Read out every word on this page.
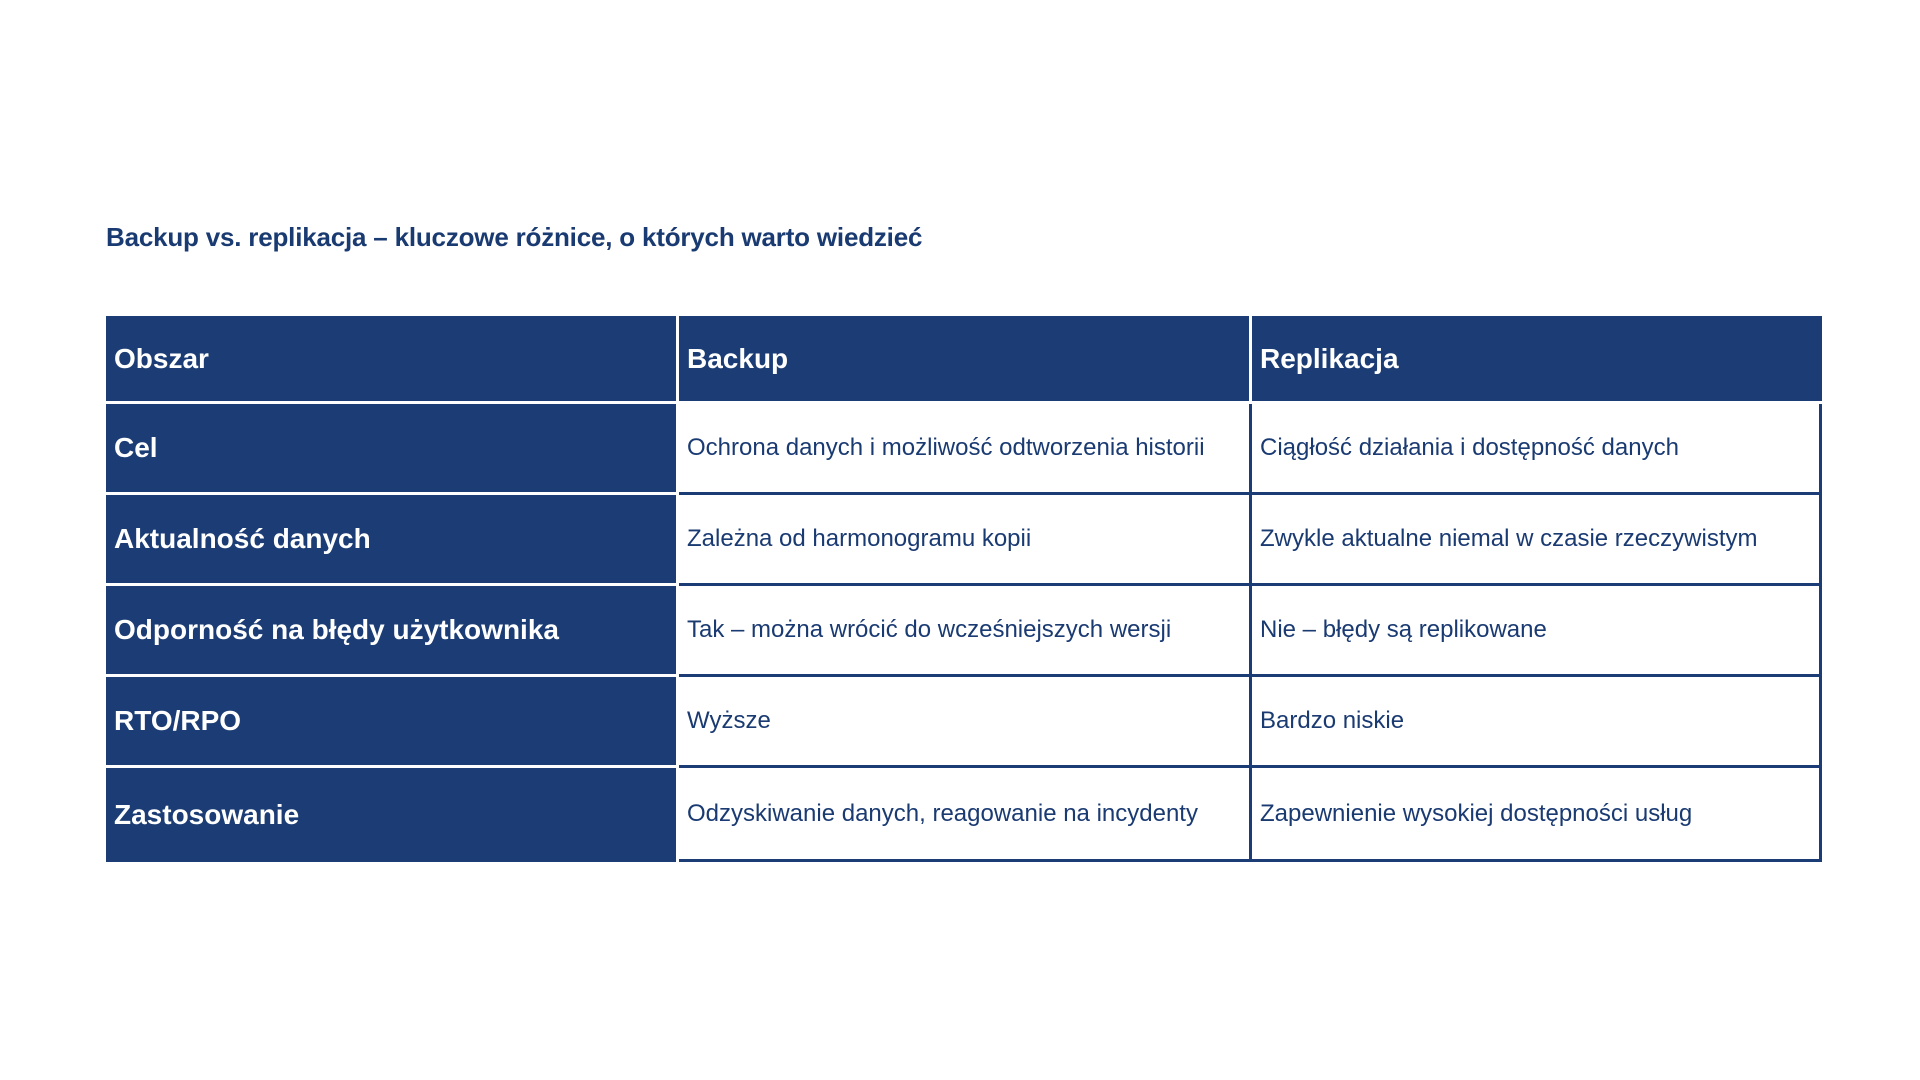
Backup vs. replikacja – kluczowe różnice, o których warto wiedzieć
Obszar	Backup	Replikacja
Cel	Ochrona danych i możliwość odtworzenia historii	Ciągłość działania i dostępność danych
Aktualność danych	Zależna od harmonogramu kopii	Zwykle aktualne niemal w czasie rzeczywistym
Odporność na błędy użytkownika	Tak – można wrócić do wcześniejszych wersji	Nie – błędy są replikowane
RTO/RPO	Wyższe	Bardzo niskie
Zastosowanie	Odzyskiwanie danych, reagowanie na incydenty	Zapewnienie wysokiej dostępności usług
